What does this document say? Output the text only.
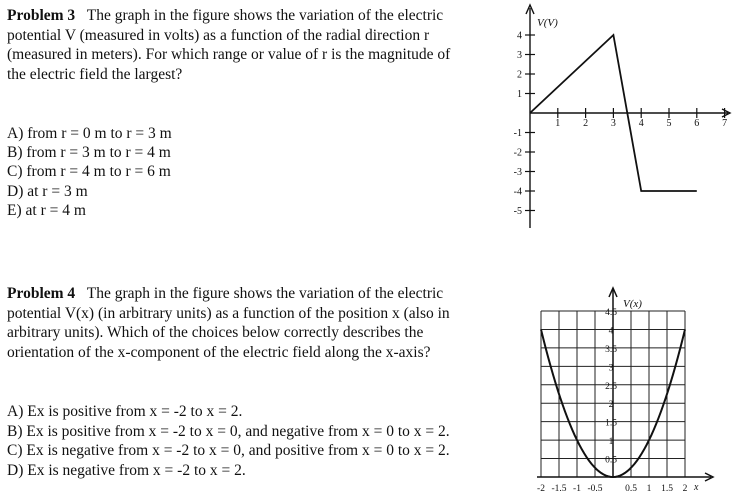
Problem 3 The graph in the figure shows the variation of the electric
potential V (measured in volts) as a function of the radial direction r
(measured in meters). For which range or value of r is the magnitude of
the electric field the largest?
A) from r = 0 m to r = 3 m
B) from r = 3 m to r = 4 m
C) from r = 4 m to r = 6 m
D) at r = 3 m
E) at r = 4 m
Problem 4 The graph in the figure shows the variation of the electric
potential V(x) (in arbitrary units) as a function of the position x (also in
arbitrary units). Which of the choices below correctly describes the
orientation of the x-component of the electric field along the x-axis?
A) Ex is positive from x = -2 to x = 2.
B) Ex is positive from x = -2 to x = 0, and negative from x = 0 to x = 2.
C) Ex is negative from x = -2 to x = 0, and positive from x = 0 to x = 2.
D) Ex is negative from x = -2 to x = 2.
1 2 3 4 5 6 7
4
3
2
1
-1
-2
-3
-4
-5
V(V)
V(x)
4.5
4
3.5
3
2.5
2
1.5
1
0.5
-2 -1.5 -1 -0.5 0.5 1 1.5 2 x
